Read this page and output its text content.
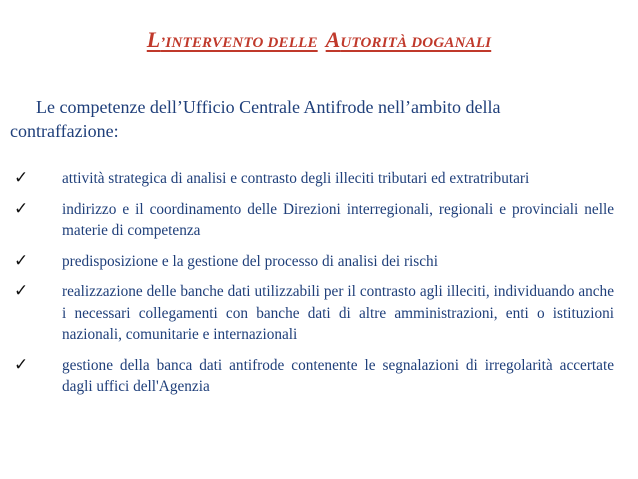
L’INTERVENTO DELLE AUTORITÀ DOGANALI
Le competenze dell’Ufficio Centrale Antifrode nell’ambito della contraffazione:
✓ attività strategica di analisi e contrasto degli illeciti tributari ed extratributari
✓ indirizzo e il coordinamento delle Direzioni interregionali, regionali e provinciali nelle materie di competenza
✓ predisposizione e la gestione del processo di analisi dei rischi
✓ realizzazione delle banche dati utilizzabili per il contrasto agli illeciti, individuando anche i necessari collegamenti con banche dati di altre amministrazioni, enti o istituzioni nazionali, comunitarie e internazionali
✓ gestione della banca dati antifrode contenente le segnalazioni di irregolarità accertate dagli uffici dell'Agenzia
